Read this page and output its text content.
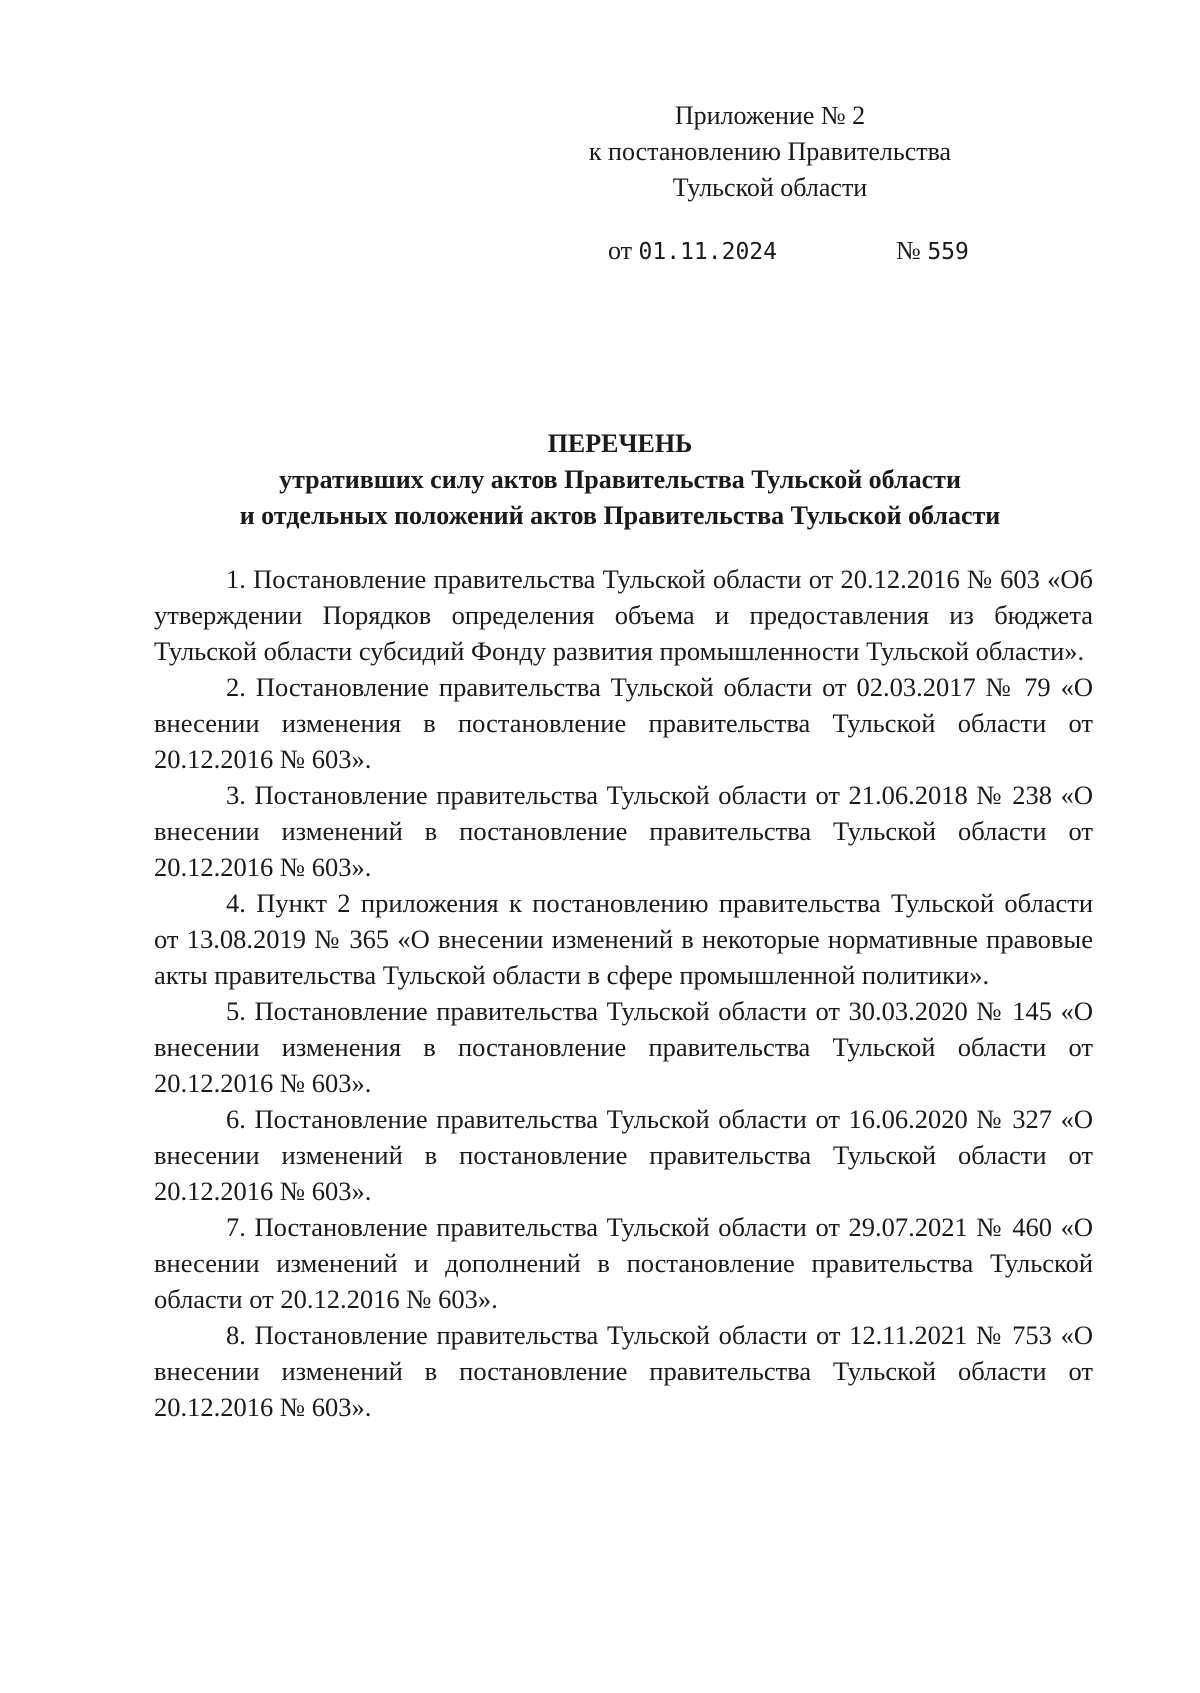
Приложение № 2
к постановлению Правительства
Тульской области
от 01.11.2024	№ 559
ПЕРЕЧЕНЬ
утративших силу актов Правительства Тульской области
и отдельных положений актов Правительства Тульской области

1. Постановление правительства Тульской области от 20.12.2016 № 603 «Об утверждении Порядков определения объема и предоставления из бюджета Тульской области субсидий Фонду развития промышленности Тульской области».

2. Постановление правительства Тульской области от 02.03.2017 № 79 «О внесении изменения в постановление правительства Тульской области от 20.12.2016 № 603».

3. Постановление правительства Тульской области от 21.06.2018 № 238 «О внесении изменений в постановление правительства Тульской области от 20.12.2016 № 603».

4. Пункт 2 приложения к постановлению правительства Тульской области от 13.08.2019 № 365 «О внесении изменений в некоторые нормативные правовые акты правительства Тульской области в сфере промышленной политики».

5. Постановление правительства Тульской области от 30.03.2020 № 145 «О внесении изменения в постановление правительства Тульской области от 20.12.2016 № 603».

6. Постановление правительства Тульской области от 16.06.2020 № 327 «О внесении изменений в постановление правительства Тульской области от 20.12.2016 № 603».

7. Постановление правительства Тульской области от 29.07.2021 № 460 «О внесении изменений и дополнений в постановление правительства Тульской области от 20.12.2016 № 603».

8. Постановление правительства Тульской области от 12.11.2021 № 753 «О внесении изменений в постановление правительства Тульской области от 20.12.2016 № 603».
